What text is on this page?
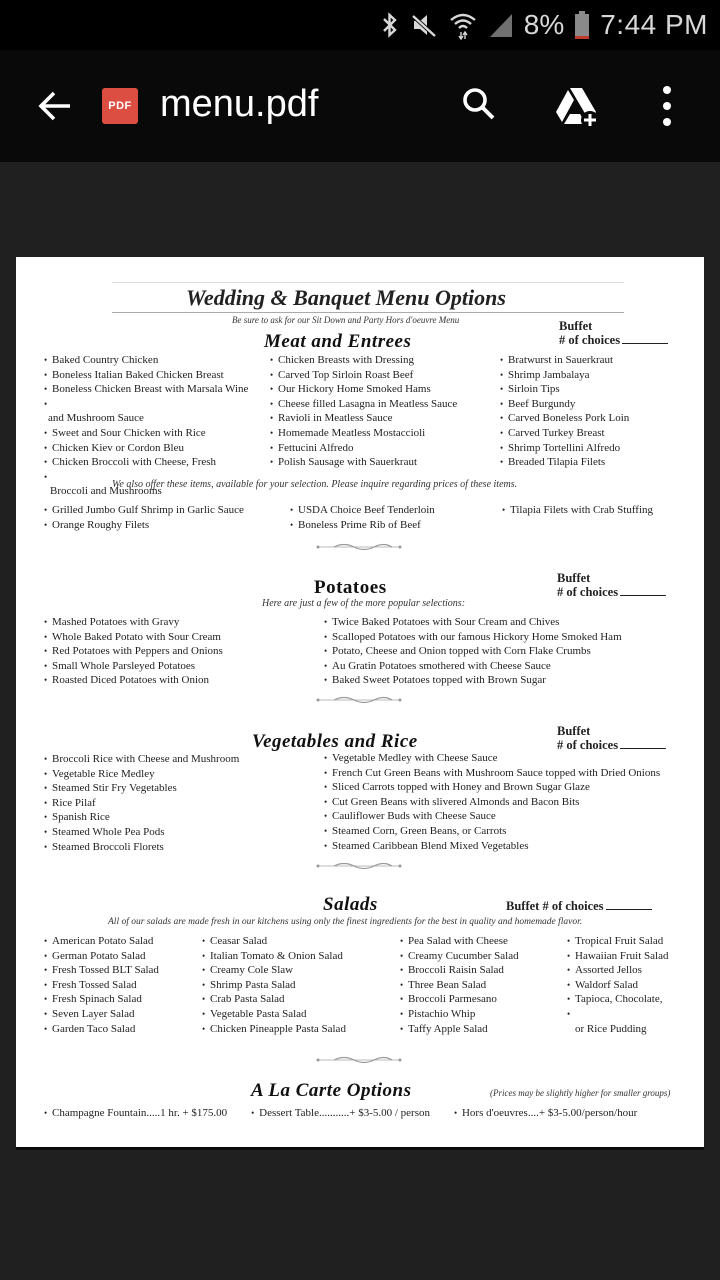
8% 7:44 PM
PDF menu.pdf
Wedding & Banquet Menu Options
Be sure to ask for our Sit Down and Party Hors d'oeuvre Menu
Meat and Entrees
Buffet
# of choices
• Baked Country Chicken
• Boneless Italian Baked Chicken Breast
• Boneless Chicken Breast with Marsala Wine
• and Mushroom Sauce
• Sweet and Sour Chicken with Rice
• Chicken Kiev or Cordon Bleu
• Chicken Broccoli with Cheese, Fresh
• Broccoli and Mushrooms
• Chicken Breasts with Dressing
• Carved Top Sirloin Roast Beef
• Our Hickory Home Smoked Hams
• Cheese filled Lasagna in Meatless Sauce
• Ravioli in Meatless Sauce
• Homemade Meatless Mostaccioli
• Fettucini Alfredo
• Polish Sausage with Sauerkraut
• Bratwurst in Sauerkraut
• Shrimp Jambalaya
• Sirloin Tips
• Beef Burgundy
• Carved Boneless Pork Loin
• Carved Turkey Breast
• Shrimp Tortellini Alfredo
• Breaded Tilapia Filets
We also offer these items, available for your selection. Please inquire regarding prices of these items.
• Grilled Jumbo Gulf Shrimp in Garlic Sauce
• Orange Roughy Filets
• USDA Choice Beef Tenderloin
• Boneless Prime Rib of Beef
• Tilapia Filets with Crab Stuffing
Potatoes	Buffet
# of choices
Here are just a few of the more popular selections:
• Mashed Potatoes with Gravy
• Whole Baked Potato with Sour Cream
• Red Potatoes with Peppers and Onions
• Small Whole Parsleyed Potatoes
• Roasted Diced Potatoes with Onion
• Twice Baked Potatoes with Sour Cream and Chives
• Scalloped Potatoes with our famous Hickory Home Smoked Ham
• Potato, Cheese and Onion topped with Corn Flake Crumbs
• Au Gratin Potatoes smothered with Cheese Sauce
• Baked Sweet Potatoes topped with Brown Sugar
Vegetables and Rice	Buffet
# of choices
• Broccoli Rice with Cheese and Mushroom
• Vegetable Rice Medley
• Steamed Stir Fry Vegetables
• Rice Pilaf
• Spanish Rice
• Steamed Whole Pea Pods
• Steamed Broccoli Florets
• Vegetable Medley with Cheese Sauce
• French Cut Green Beans with Mushroom Sauce topped with Dried Onions
• Sliced Carrots topped with Honey and Brown Sugar Glaze
• Cut Green Beans with slivered Almonds and Bacon Bits
• Cauliflower Buds with Cheese Sauce
• Steamed Corn, Green Beans, or Carrots
• Steamed Caribbean Blend Mixed Vegetables
Salads	Buffet # of choices
All of our salads are made fresh in our kitchens using only the finest ingredients for the best in quality and homemade flavor.
• American Potato Salad
• German Potato Salad
• Fresh Tossed BLT Salad
• Fresh Tossed Salad
• Fresh Spinach Salad
• Seven Layer Salad
• Garden Taco Salad
• Ceasar Salad
• Italian Tomato & Onion Salad
• Creamy Cole Slaw
• Shrimp Pasta Salad
• Crab Pasta Salad
• Vegetable Pasta Salad
• Chicken Pineapple Pasta Salad
• Pea Salad with Cheese
• Creamy Cucumber Salad
• Broccoli Raisin Salad
• Three Bean Salad
• Broccoli Parmesano
• Pistachio Whip
• Taffy Apple Salad
• Tropical Fruit Salad
• Hawaiian Fruit Salad
• Assorted Jellos
• Waldorf Salad
• Tapioca, Chocolate,
• or Rice Pudding
A La Carte Options	(Prices may be slightly higher for smaller groups)
• Champagne Fountain.....1 hr. + $175.00	• Dessert Table...........+ $3-5.00 / person	• Hors d'oeuvres....+ $3-5.00/person/hour
